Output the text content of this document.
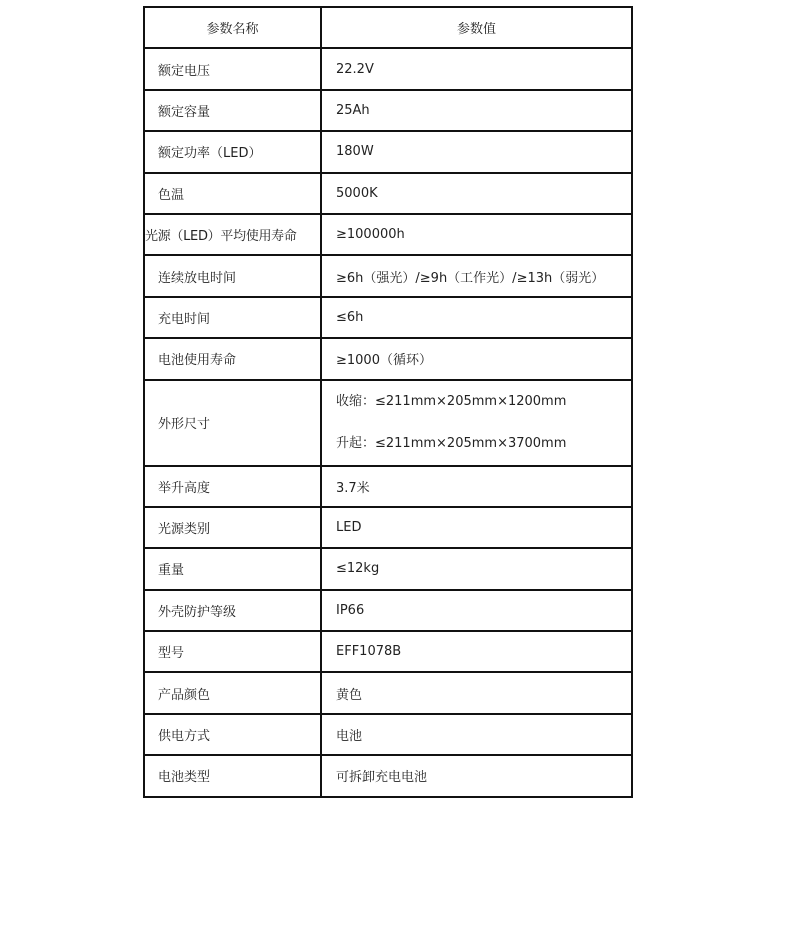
参数名称	参数值
额定电压	22.2V
额定容量	25Ah
额定功率（LED）	180W
色温	5000K
光源（LED）平均使用寿命	≥100000h
连续放电时间	≥6h（强光）/≥9h（工作光）/≥13h（弱光）
充电时间	≤6h
电池使用寿命	≥1000（循环）
外形尺寸	收缩：≤211mm×205mm×1200mm
升起：≤211mm×205mm×3700mm

举升高度	3.7米
光源类别	LED
重量	≤12kg
外壳防护等级	IP66
型号	EFF1078B
产品颜色	黄色
供电方式	电池
电池类型	可拆卸充电电池
